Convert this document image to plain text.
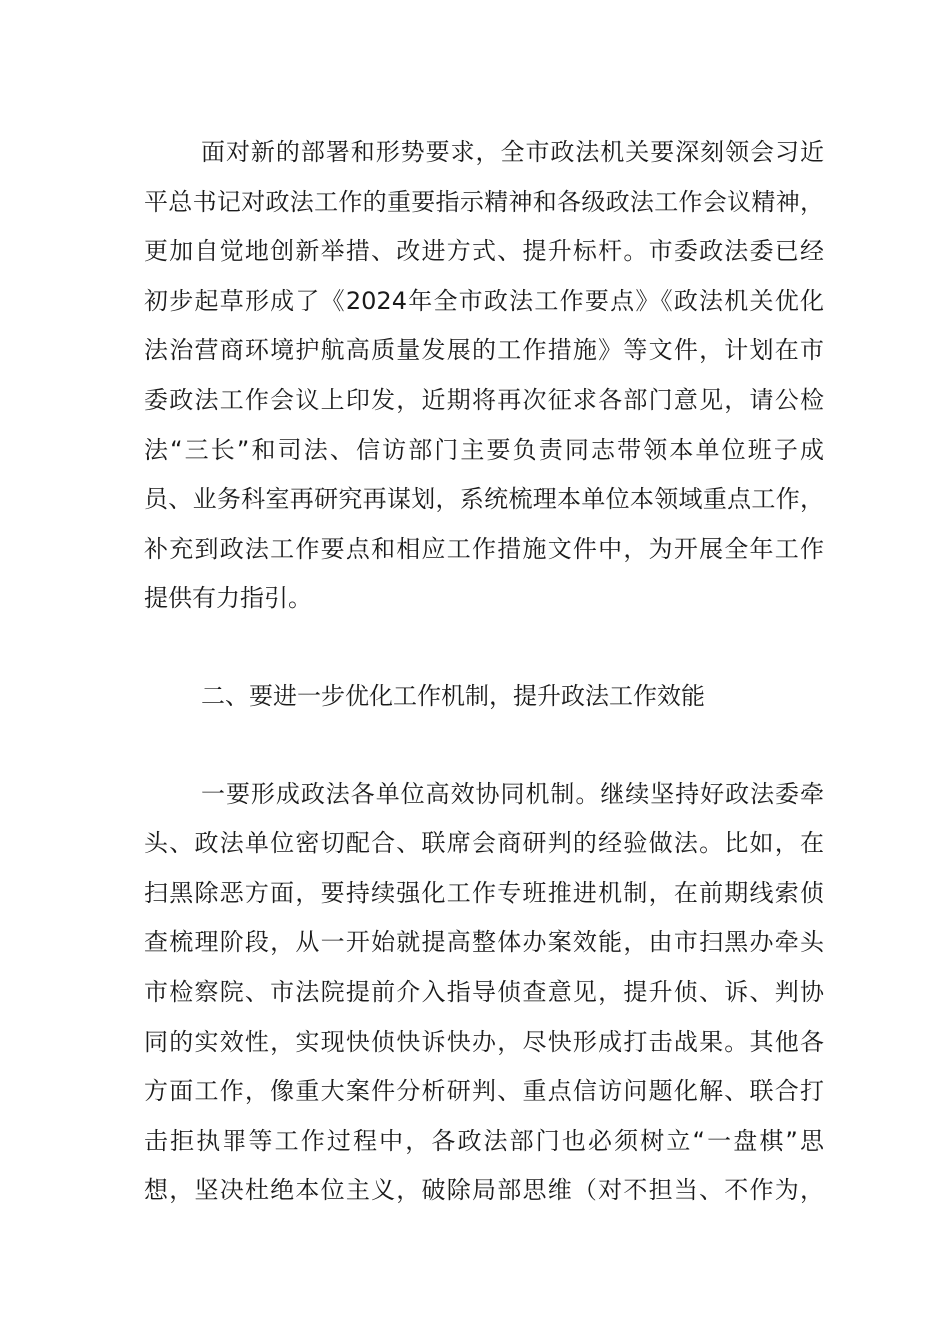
面对新的部署和形势要求，全市政法机关要深刻领会习近
平总书记对政法工作的重要指示精神和各级政法工作会议精神，
更加自觉地创新举措、改进方式、提升标杆。市委政法委已经
初步起草形成了《2024年全市政法工作要点》《政法机关优化
法治营商环境护航高质量发展的工作措施》等文件，计划在市
委政法工作会议上印发，近期将再次征求各部门意见，请公检
法“三长”和司法、信访部门主要负责同志带领本单位班子成
员、业务科室再研究再谋划，系统梳理本单位本领域重点工作，
补充到政法工作要点和相应工作措施文件中，为开展全年工作
提供有力指引。
二、要进一步优化工作机制，提升政法工作效能
一要形成政法各单位高效协同机制。继续坚持好政法委牵
头、政法单位密切配合、联席会商研判的经验做法。比如，在
扫黑除恶方面，要持续强化工作专班推进机制，在前期线索侦
查梳理阶段，从一开始就提高整体办案效能，由市扫黑办牵头
市检察院、市法院提前介入指导侦查意见，提升侦、诉、判协
同的实效性，实现快侦快诉快办，尽快形成打击战果。其他各
方面工作，像重大案件分析研判、重点信访问题化解、联合打
击拒执罪等工作过程中，各政法部门也必须树立“一盘棋”思
想，坚决杜绝本位主义，破除局部思维（对不担当、不作为，
